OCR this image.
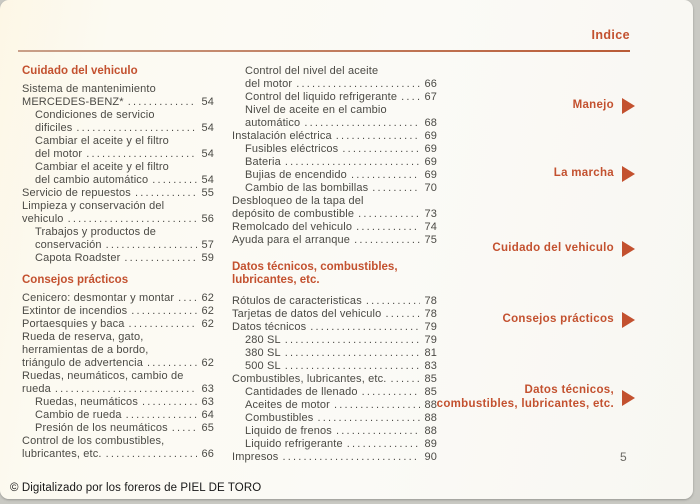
Indice
Cuidado del vehiculo
Sistema de mantenimiento
MERCEDES-BENZ* .....	54
Condiciones de servicio
dificiles .....	54
Cambiar el aceite y el filtro
del motor .....	54
Cambiar el aceite y el filtro
del cambio automático .....	54
Servicio de repuestos .....	55
Limpieza y conservación del
vehiculo .....	56
Trabajos y productos de
conservación .....	57
Capota Roadster .....	59
Consejos prácticos
Cenicero: desmontar y montar ..... 62
Extintor de incendios .....	62
Portaesquies y baca .....	62
Rueda de reserva, gato,
herramientas de a bordo,
triángulo de advertencia .....	62
Ruedas, neumáticos, cambio de
rueda .....	63
Ruedas, neumáticos .....	63
Cambio de rueda .....	64
Presión de los neumáticos .....	65
Control de los combustibles,
lubricantes, etc. .....	66
Control del nivel del aceite
del motor .....	66
Control del liquido refrigerante ..... 67
Nivel de aceite en el cambio
automático .....	68
Instalación eléctrica .....	69
Fusibles eléctricos .....	69
Bateria .....	69
Bujias de encendido .....	69
Cambio de las bombillas .....	70
Desbloqueo de la tapa del
depósito de combustible .....	73
Remolcado del vehiculo .....	74
Ayuda para el arranque .....	75
Datos técnicos, combustibles,
lubricantes, etc.
Rótulos de caracteristicas .....	78
Tarjetas de datos del vehiculo .....	78
Datos técnicos .....	79
280 SL .....	79
380 SL .....	81
500 SL .....	83
Combustibles, lubricantes, etc. .....	85
Cantidades de llenado .....	85
Aceites de motor .....	88
Combustibles .....	88
Liquido de frenos .....	88
Liquido refrigerante .....	89
Impresos .....	90
Manejo
La marcha
Cuidado del vehiculo
Consejos prácticos
Datos técnicos,
combustibles, lubricantes, etc.
5
© Digitalizado por los foreros de PIEL DE TORO
